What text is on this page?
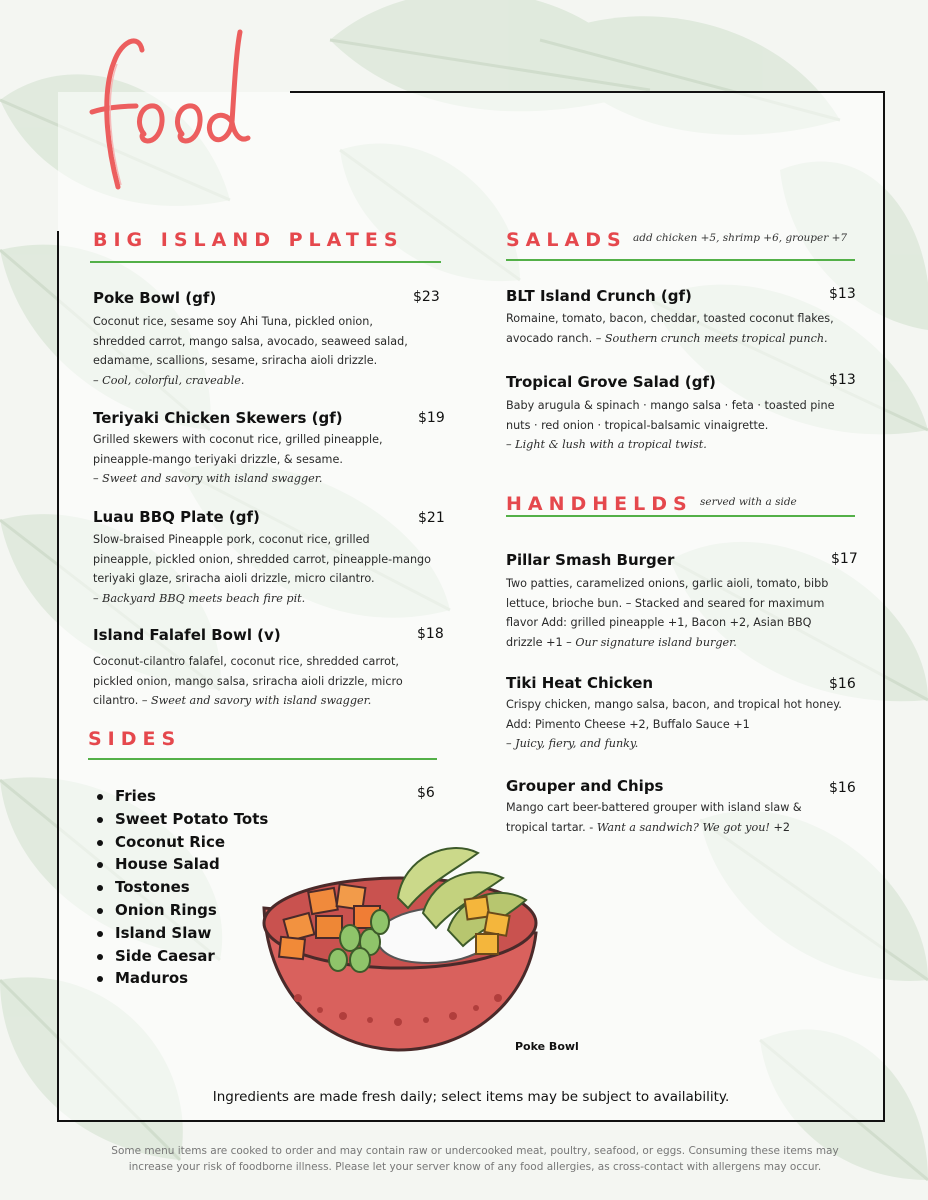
BIG ISLAND PLATES
Poke Bowl (gf)	$23
Coconut rice, sesame soy Ahi Tuna, pickled onion,
shredded carrot, mango salsa, avocado, seaweed salad,
edamame, scallions, sesame, sriracha aioli drizzle.
– Cool, colorful, craveable.
Teriyaki Chicken Skewers (gf)	$19
Grilled skewers with coconut rice, grilled pineapple,
pineapple-mango teriyaki drizzle, & sesame.
– Sweet and savory with island swagger.
Luau BBQ Plate (gf)	$21
Slow-braised Pineapple pork, coconut rice, grilled
pineapple, pickled onion, shredded carrot, pineapple-mango
teriyaki glaze, sriracha aioli drizzle, micro cilantro.
– Backyard BBQ meets beach fire pit.
Island Falafel Bowl (v)	$18
Coconut-cilantro falafel, coconut rice, shredded carrot,
pickled onion, mango salsa, sriracha aioli drizzle, micro
cilantro. – Sweet and savory with island swagger.
SIDES
$6
Fries
Sweet Potato Tots
Coconut Rice
House Salad
Tostones
Onion Rings
Island Slaw
Side Caesar
Maduros
SALADS add chicken +5, shrimp +6, grouper +7
BLT Island Crunch (gf)	$13
Romaine, tomato, bacon, cheddar, toasted coconut flakes,
avocado ranch. – Southern crunch meets tropical punch.
Tropical Grove Salad (gf)	$13
Baby arugula & spinach · mango salsa · feta · toasted pine
nuts · red onion · tropical-balsamic vinaigrette.
– Light & lush with a tropical twist.
HANDHELDS served with a side
Pillar Smash Burger	$17
Two patties, caramelized onions, garlic aioli, tomato, bibb
lettuce, brioche bun. – Stacked and seared for maximum
flavor Add: grilled pineapple +1, Bacon +2, Asian BBQ
drizzle +1 – Our signature island burger.
Tiki Heat Chicken	$16
Crispy chicken, mango salsa, bacon, and tropical hot honey.
Add: Pimento Cheese +2, Buffalo Sauce +1
– Juicy, fiery, and funky.
Grouper and Chips	$16
Mango cart beer-battered grouper with island slaw &
tropical tartar. - Want a sandwich? We got you! +2
Poke Bowl
Ingredients are made fresh daily; select items may be subject to availability.
Some menu items are cooked to order and may contain raw or undercooked meat, poultry, seafood, or eggs. Consuming these items may
increase your risk of foodborne illness. Please let your server know of any food allergies, as cross-contact with allergens may occur.
